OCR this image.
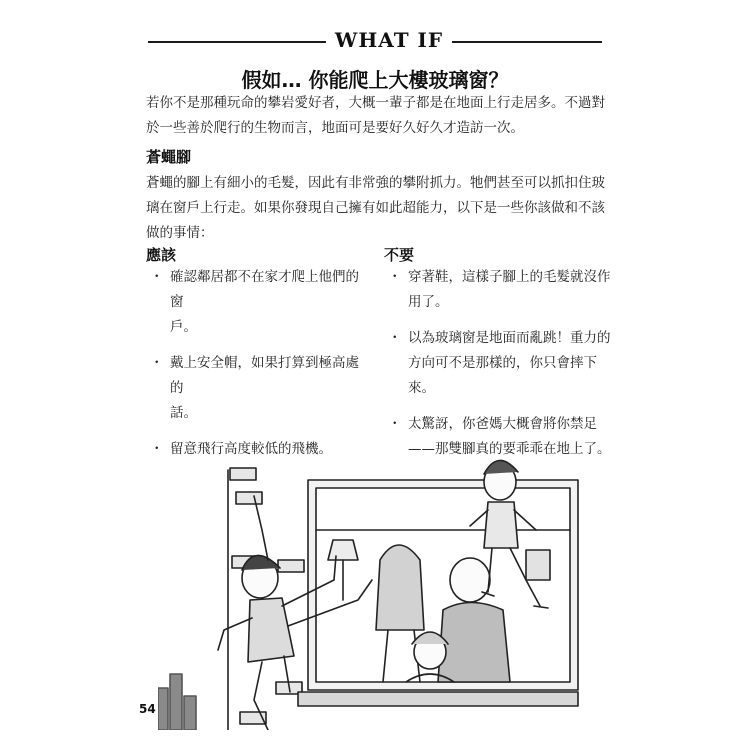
WHAT IF
假如… 你能爬上大樓玻璃窗？
若你不是那種玩命的攀岩愛好者，大概一輩子都是在地面上行走居多。不過對
於一些善於爬行的生物而言，地面可是要好久好久才造訪一次。
蒼蠅腳
蒼蠅的腳上有細小的毛髮，因此有非常強的攀附抓力。牠們甚至可以抓扣住玻
璃在窗戶上行走。如果你發現自己擁有如此超能力，以下是一些你該做和不該
做的事情：
應該	不要
・ 確認鄰居都不在家才爬上他們的窗
戶。
・ 戴上安全帽，如果打算到極高處的
話。
・ 留意飛行高度較低的飛機。
・ 穿著鞋，這樣子腳上的毛髮就沒作
用了。
・ 以為玻璃窗是地面而亂跳！重力的
方向可不是那樣的，你只會摔下
來。
・ 太驚訝，你爸媽大概會將你禁足
——那雙腳真的要乖乖在地上了。
54
